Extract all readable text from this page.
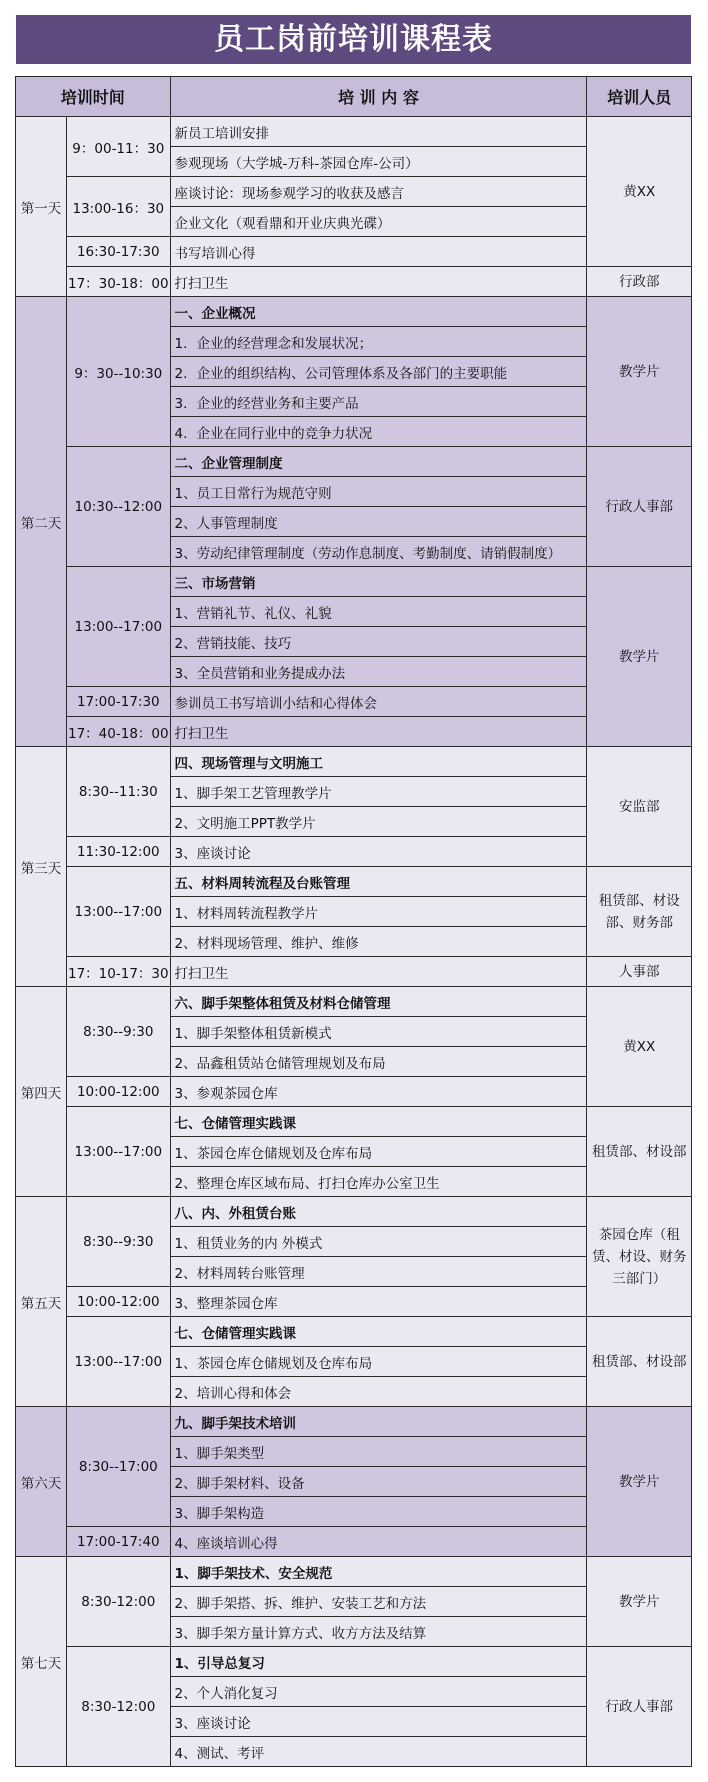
员工岗前培训课程表
培训时间		培 训 内 容	培训人员
第一天	9：00-11：30	新员工培训安排	黄XX
		参观现场（大学城-万科-茶园仓库-公司）	
	13:00-16：30	座谈讨论：现场参观学习的收获及感言	
		企业文化（观看鼎和开业庆典光碟）	
	16:30-17:30	书写培训心得	
	17：30-18：00	打扫卫生	行政部
第二天	9：30--10:30	一、企业概况	教学片
		1．企业的经营理念和发展状况；	
		2．企业的组织结构、公司管理体系及各部门的主要职能	
		3．企业的经营业务和主要产品	
		4．企业在同行业中的竞争力状况	
	10:30--12:00	二、企业管理制度	行政人事部
		1、员工日常行为规范守则	
		2、人事管理制度	
		3、劳动纪律管理制度（劳动作息制度、考勤制度、请销假制度）	
	13:00--17:00	三、市场营销	教学片
		1、营销礼节、礼仪、礼貌	
		2、营销技能、技巧	
		3、全员营销和业务提成办法	
	17:00-17:30	参训员工书写培训小结和心得体会	
	17：40-18：00	打扫卫生	
第三天	8:30--11:30	四、现场管理与文明施工	安监部
		1、脚手架工艺管理教学片	
		2、文明施工PPT教学片	
	11:30-12:00	3、座谈讨论	
	13:00--17:00	五、材料周转流程及台账管理	租赁部、材设部、财务部
		1、材料周转流程教学片	
		2、材料现场管理、维护、维修	
	17：10-17：30	打扫卫生	人事部
第四天	8:30--9:30	六、脚手架整体租赁及材料仓储管理	黄XX
		1、脚手架整体租赁新模式	
		2、品鑫租赁站仓储管理规划及布局	
	10:00-12:00	3、参观茶园仓库	
	13:00--17:00	七、仓储管理实践课	租赁部、材设部
		1、茶园仓库仓储规划及仓库布局	
		2、整理仓库区域布局、打扫仓库办公室卫生	
第五天	8:30--9:30	八、内、外租赁台账	茶园仓库（租赁、材设、财务三部门）
		1、租赁业务的内 外模式	
		2、材料周转台账管理	
	10:00-12:00	3、整理茶园仓库	
	13:00--17:00	七、仓储管理实践课	租赁部、材设部
		1、茶园仓库仓储规划及仓库布局	
		2、培训心得和体会	
第六天	8:30--17:00	九、脚手架技术培训	教学片
		1、脚手架类型	
		2、脚手架材料、设备	
		3、脚手架构造	
	17:00-17:40	4、座谈培训心得	
第七天	8:30-12:00	1、脚手架技术、安全规范	教学片
		2、脚手架搭、拆、维护、安装工艺和方法	
		3、脚手架方量计算方式、收方方法及结算	
	8:30-12:00	1、引导总复习	行政人事部
		2、个人消化复习	
		3、座谈讨论	
		4、测试、考评	
